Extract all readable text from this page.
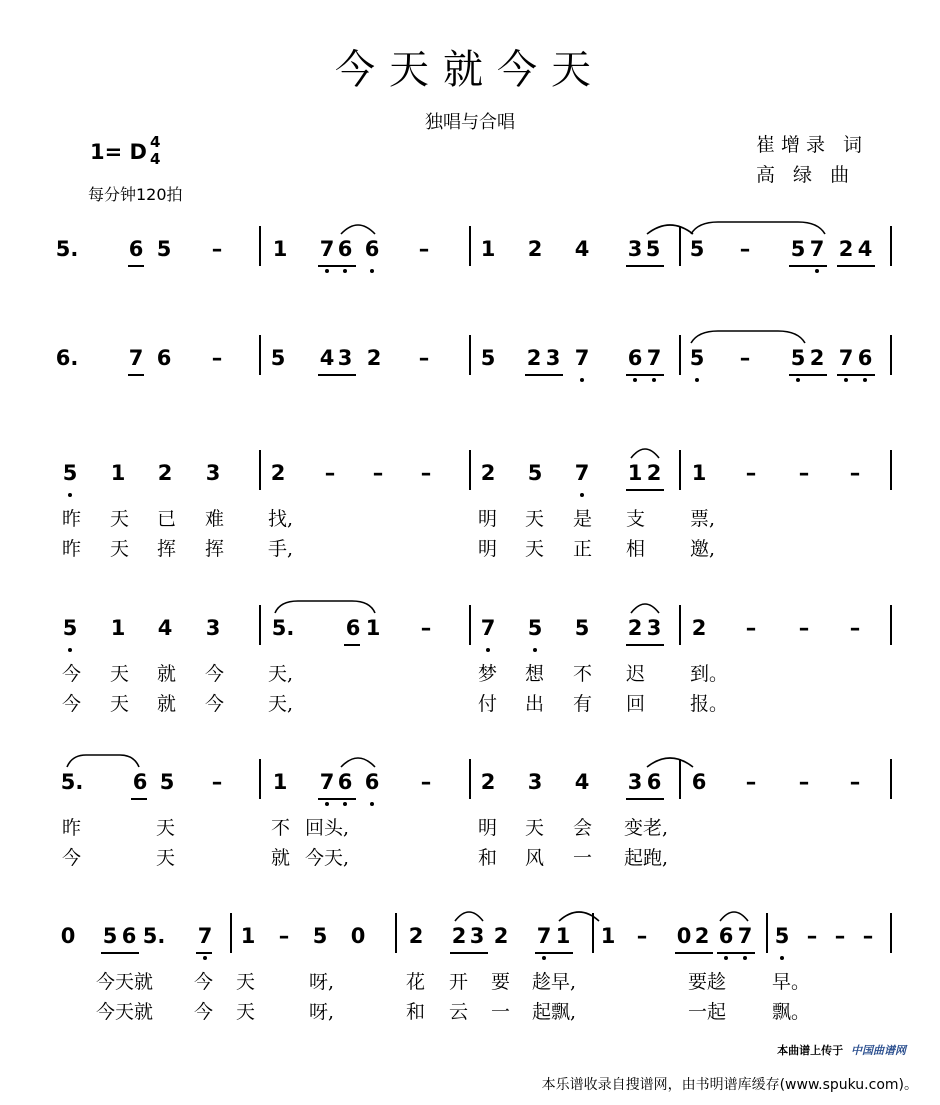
今天就今天
独唱与合唱
崔增录 词
高 绿 曲
1= D 4
4
每分钟120拍
5. 6 5	–	1 7 6 6	–	1 2 4 3 5 5	–	5 7 2 4
6. 7 6	–	5 4 3 2	–	5 2 3 7 6 7 5	–	5 2 7 6
5 1 2 3 2	–	–	–	2 5 7 1 2 1	–	–	–
昨 天 已 难 找,	明 天 是 支 票,
昨 天 挥 挥 手,	明 天 正 相 邀,
5 1 4 3 5. 6 1	–	7 5 5 2 3 2	–	–	–
今 天 就 今 天,	梦 想 不 迟 到。
今 天 就 今 天,	付 出 有 回 报。
5. 6 5	–	1 7 6 6	–	2 3 4 3 6 6	–	–	–
昨	天	不 回头,	明 天 会 变老,
今	天	就 今天,	和 风 一 起跑,
0 5 6 5. 7 1	–	5 0 2 2 3 2 7 1 1	–	0 2 6 7 5 – – –
今天就 今 天	呀,	花 开 要 趁早,	要趁 早。
今天就 今 天	呀,	和 云 一 起飘,	一起 飘。
本曲谱上传于 中国曲谱网
本乐谱收录自搜谱网，由书明谱库缓存(www.spuku.com)。
